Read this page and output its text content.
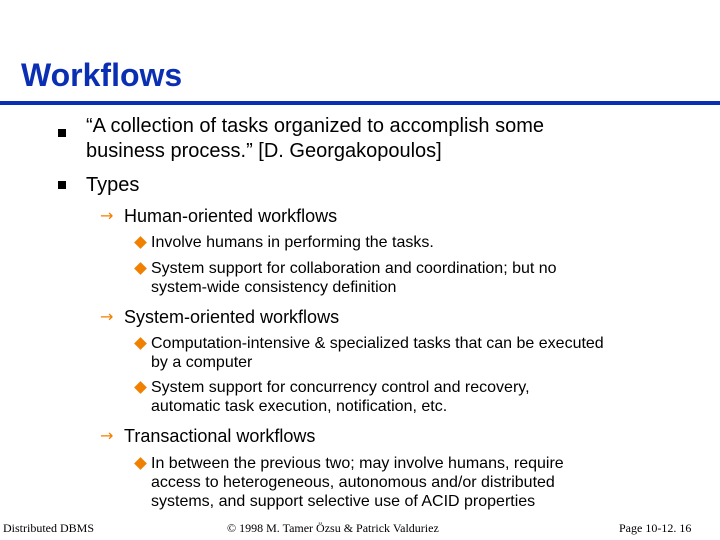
Workflows
“A collection of tasks organized to accomplish some
business process.” [D. Georgakopoulos]
Types
→ Human-oriented workflows
Involve humans in performing the tasks.
System support for collaboration and coordination; but no
system-wide consistency definition
→ System-oriented workflows
Computation-intensive & specialized tasks that can be executed
by a computer
System support for concurrency control and recovery,
automatic task execution, notification, etc.
→ Transactional workflows
In between the previous two; may involve humans, require
access to heterogeneous, autonomous and/or distributed
systems, and support selective use of ACID properties
Distributed DBMS	© 1998 M. Tamer Özsu & Patrick Valduriez	Page 10-12. 16
